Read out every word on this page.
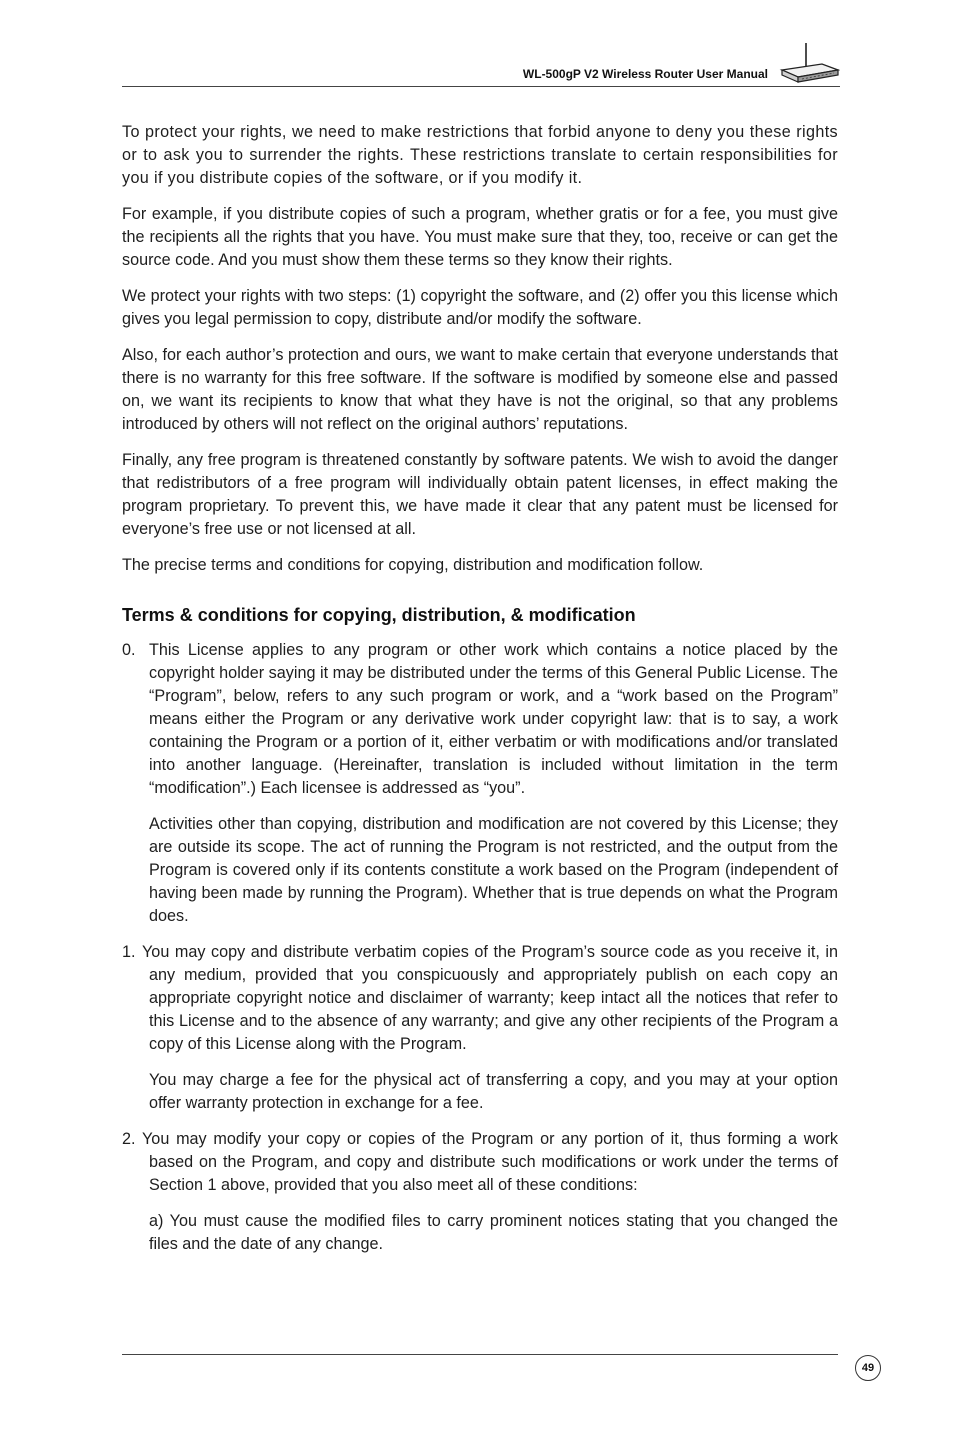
WL-500gP V2 Wireless Router User Manual

To protect your rights, we need to make restrictions that forbid anyone to deny you these rights or to ask you to surrender the rights. These restrictions translate to certain responsibilities for you if you distribute copies of the software, or if you modify it.

For example, if you distribute copies of such a program, whether gratis or for a fee, you must give the recipients all the rights that you have. You must make sure that they, too, receive or can get the source code. And you must show them these terms so they know their rights.

We protect your rights with two steps: (1) copyright the software, and (2) offer you this license which gives you legal permission to copy, distribute and/or modify the software.

Also, for each author’s protection and ours, we want to make certain that everyone understands that there is no warranty for this free software. If the software is modified by someone else and passed on, we want its recipients to know that what they have is not the original, so that any problems introduced by others will not reflect on the original authors’ reputations.

Finally, any free program is threatened constantly by software patents. We wish to avoid the danger that redistributors of a free program will individually obtain patent licenses, in effect making the program proprietary. To prevent this, we have made it clear that any patent must be licensed for everyone’s free use or not licensed at all.

The precise terms and conditions for copying, distribution and modification follow.

Terms & conditions for copying, distribution, & modification
0. This License applies to any program or other work which contains a notice placed by the copyright holder saying it may be distributed under the terms of this General Public License. The “Program”, below, refers to any such program or work, and a “work based on the Program” means either the Program or any derivative work under copyright law: that is to say, a work containing the Program or a portion of it, either verbatim or with modifications and/or translated into another language. (Hereinafter, translation is included without limitation in the term “modification”.) Each licensee is addressed as “you”.
Activities other than copying, distribution and modification are not covered by this License; they are outside its scope. The act of running the Program is not restricted, and the output from the Program is covered only if its contents constitute a work based on the Program (independent of having been made by running the Program). Whether that is true depends on what the Program does.
1. You may copy and distribute verbatim copies of the Program’s source code as you receive it, in any medium, provided that you conspicuously and appropriately publish on each copy an appropriate copyright notice and disclaimer of warranty; keep intact all the notices that refer to this License and to the absence of any warranty; and give any other recipients of the Program a copy of this License along with the Program.
You may charge a fee for the physical act of transferring a copy, and you may at your option offer warranty protection in exchange for a fee.
2. You may modify your copy or copies of the Program or any portion of it, thus forming a work based on the Program, and copy and distribute such modifications or work under the terms of Section 1 above, provided that you also meet all of these conditions:
a) You must cause the modified files to carry prominent notices stating that you changed the files and the date of any change.
49
